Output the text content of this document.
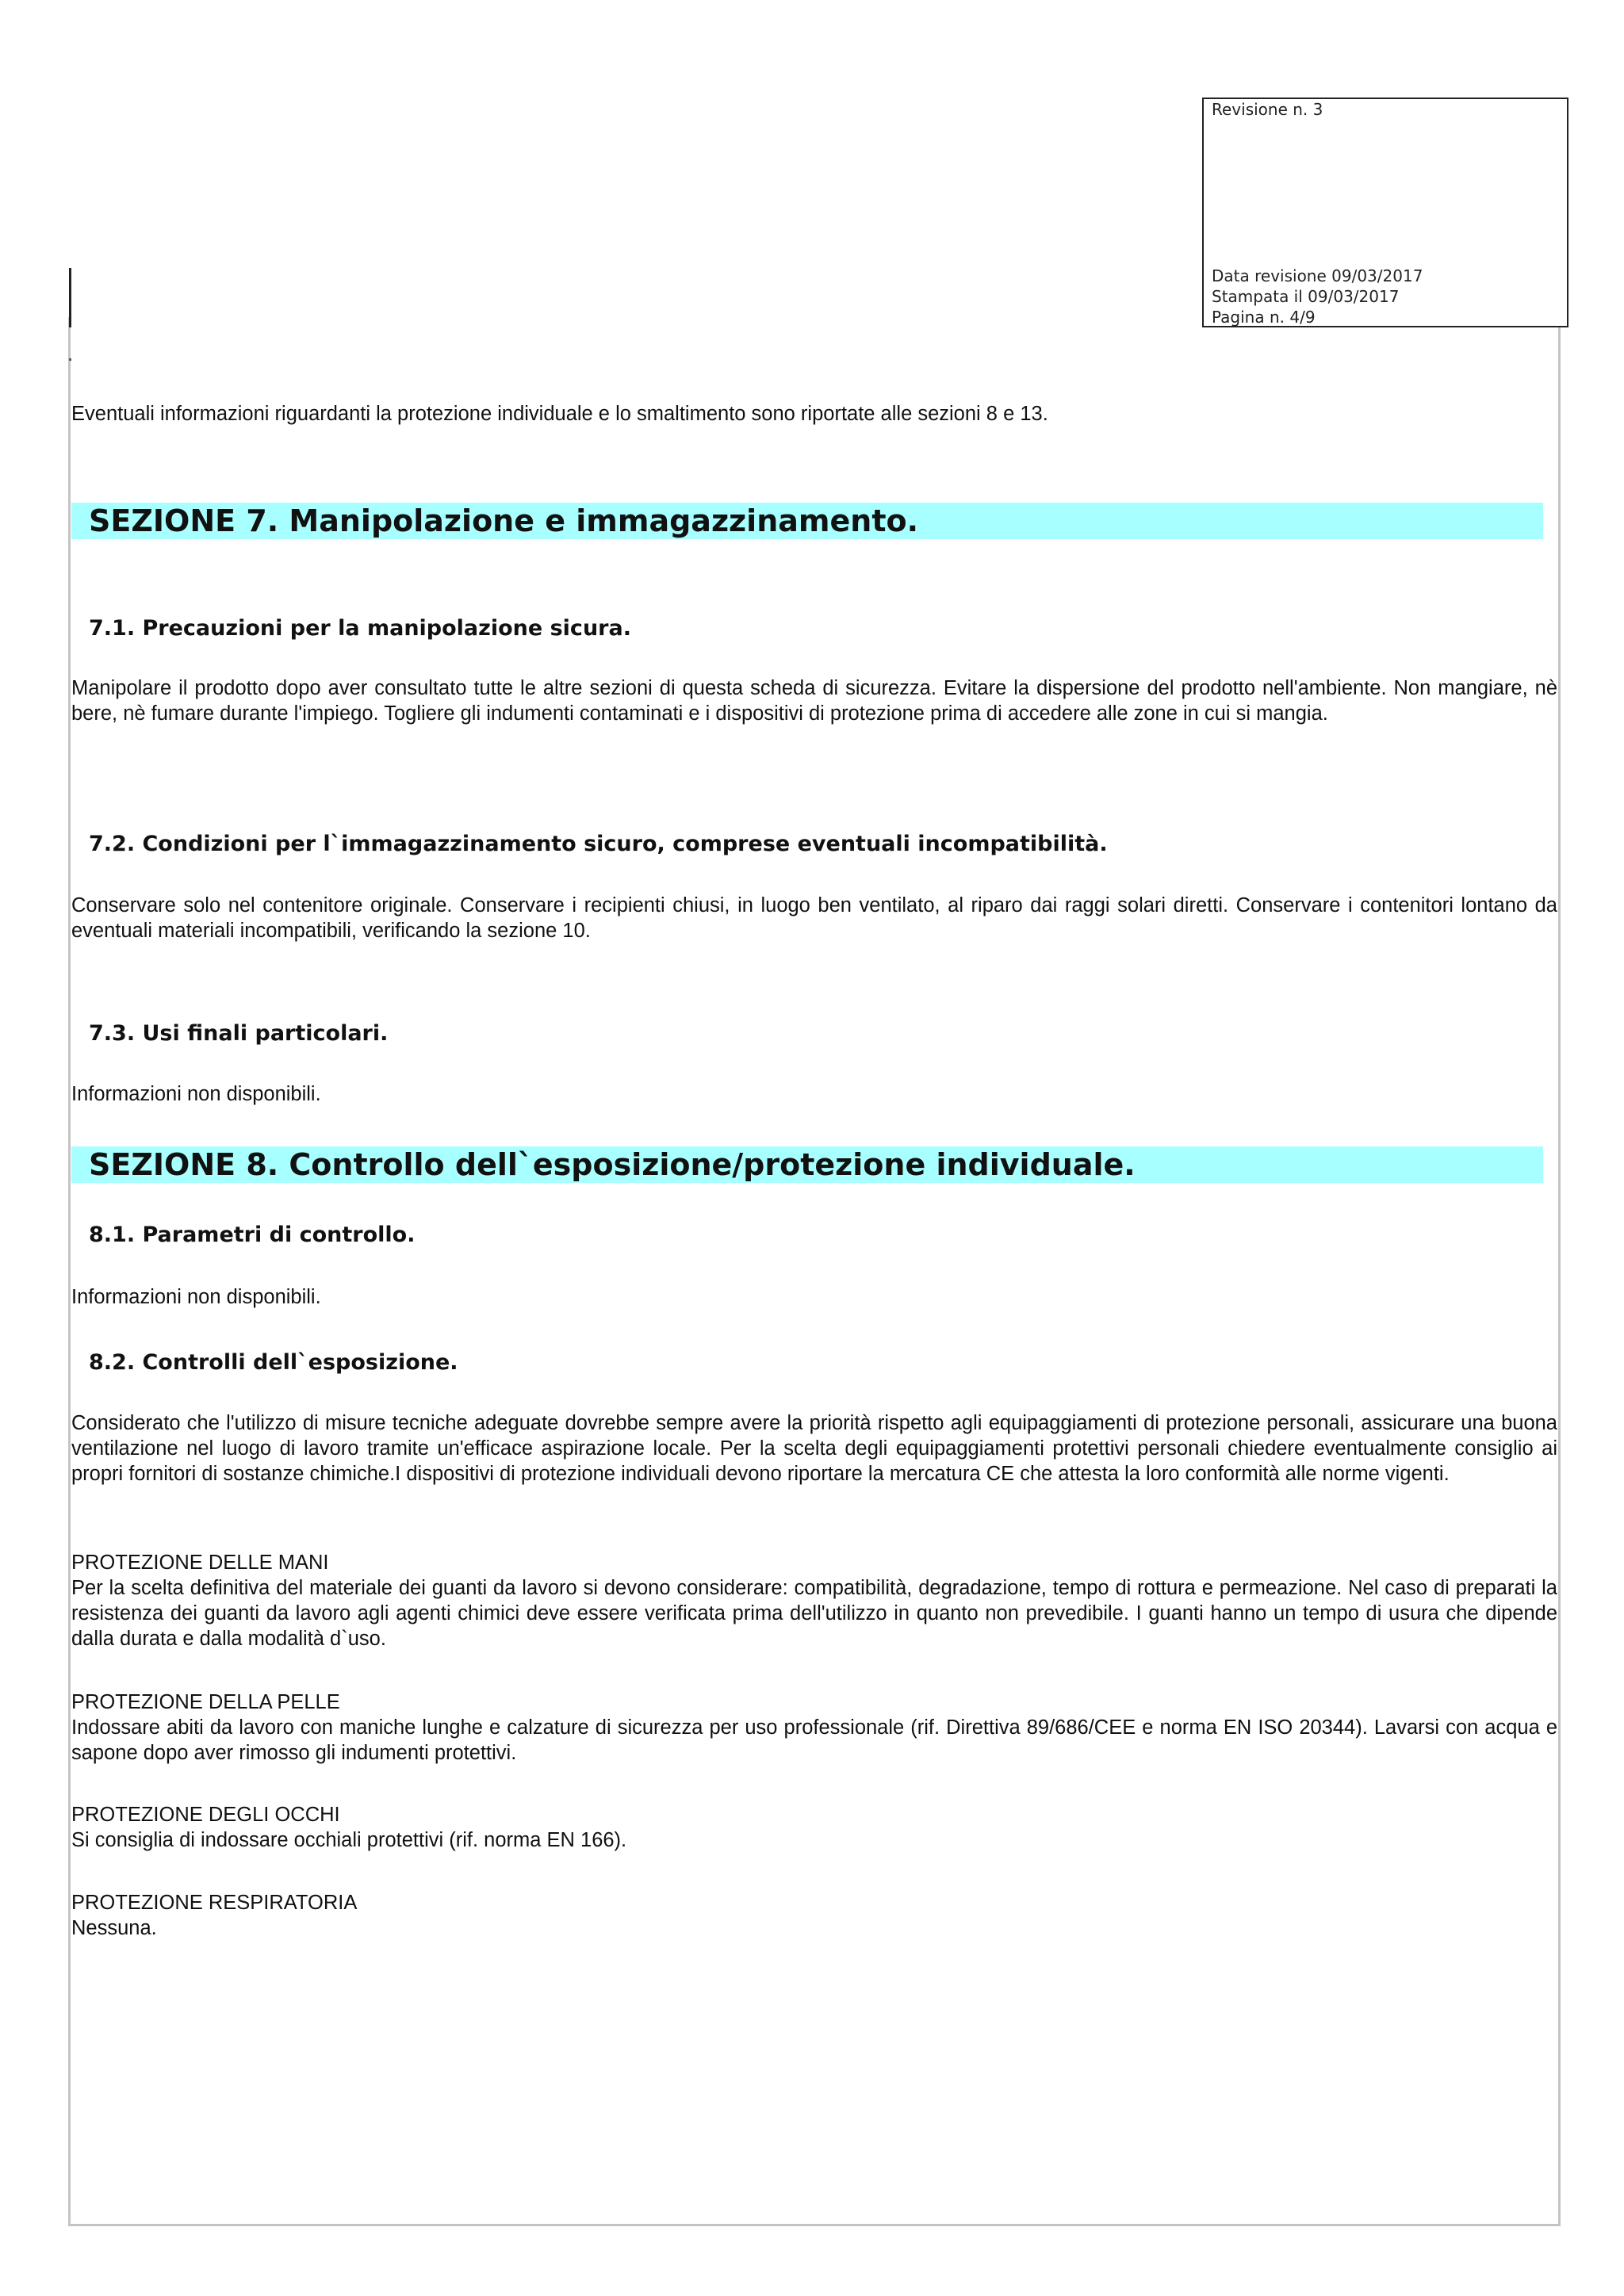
Revisione n. 3
Data revisione 09/03/2017
Stampata il 09/03/2017
Pagina n. 4/9
Eventuali informazioni riguardanti la protezione individuale e lo smaltimento sono riportate alle sezioni 8 e 13.
SEZIONE 7. Manipolazione e immagazzinamento.
7.1. Precauzioni per la manipolazione sicura.
Manipolare il prodotto dopo aver consultato tutte le altre sezioni di questa scheda di sicurezza. Evitare la dispersione del prodotto nell'ambiente. Non mangiare, nè bere, nè fumare durante l'impiego. Togliere gli indumenti contaminati e i dispositivi di protezione prima di accedere alle zone in cui si mangia.
7.2. Condizioni per l`immagazzinamento sicuro, comprese eventuali incompatibilità.
Conservare solo nel contenitore originale. Conservare i recipienti chiusi, in luogo ben ventilato, al riparo dai raggi solari diretti. Conservare i contenitori lontano da eventuali materiali incompatibili, verificando la sezione 10.
7.3. Usi finali particolari.
Informazioni non disponibili.
SEZIONE 8. Controllo dell`esposizione/protezione individuale.
8.1. Parametri di controllo.
Informazioni non disponibili.
8.2. Controlli dell`esposizione.
Considerato che l'utilizzo di misure tecniche adeguate dovrebbe sempre avere la priorità rispetto agli equipaggiamenti di protezione personali, assicurare una buona ventilazione nel luogo di lavoro tramite un'efficace aspirazione locale. Per la scelta degli equipaggiamenti protettivi personali chiedere eventualmente consiglio ai propri fornitori di sostanze chimiche.I dispositivi di protezione individuali devono riportare la mercatura CE che attesta la loro conformità alle norme vigenti.
PROTEZIONE DELLE MANI
Per la scelta definitiva del materiale dei guanti da lavoro si devono considerare: compatibilità, degradazione, tempo di rottura e permeazione. Nel caso di preparati la resistenza dei guanti da lavoro agli agenti chimici deve essere verificata prima dell'utilizzo in quanto non prevedibile. I guanti hanno un tempo di usura che dipende dalla durata e dalla modalità d`uso.
PROTEZIONE DELLA PELLE
Indossare abiti da lavoro con maniche lunghe e calzature di sicurezza per uso professionale (rif. Direttiva 89/686/CEE e norma EN ISO 20344). Lavarsi con acqua e sapone dopo aver rimosso gli indumenti protettivi.
PROTEZIONE DEGLI OCCHI
Si consiglia di indossare occhiali protettivi (rif. norma EN 166).
PROTEZIONE RESPIRATORIA
Nessuna.
